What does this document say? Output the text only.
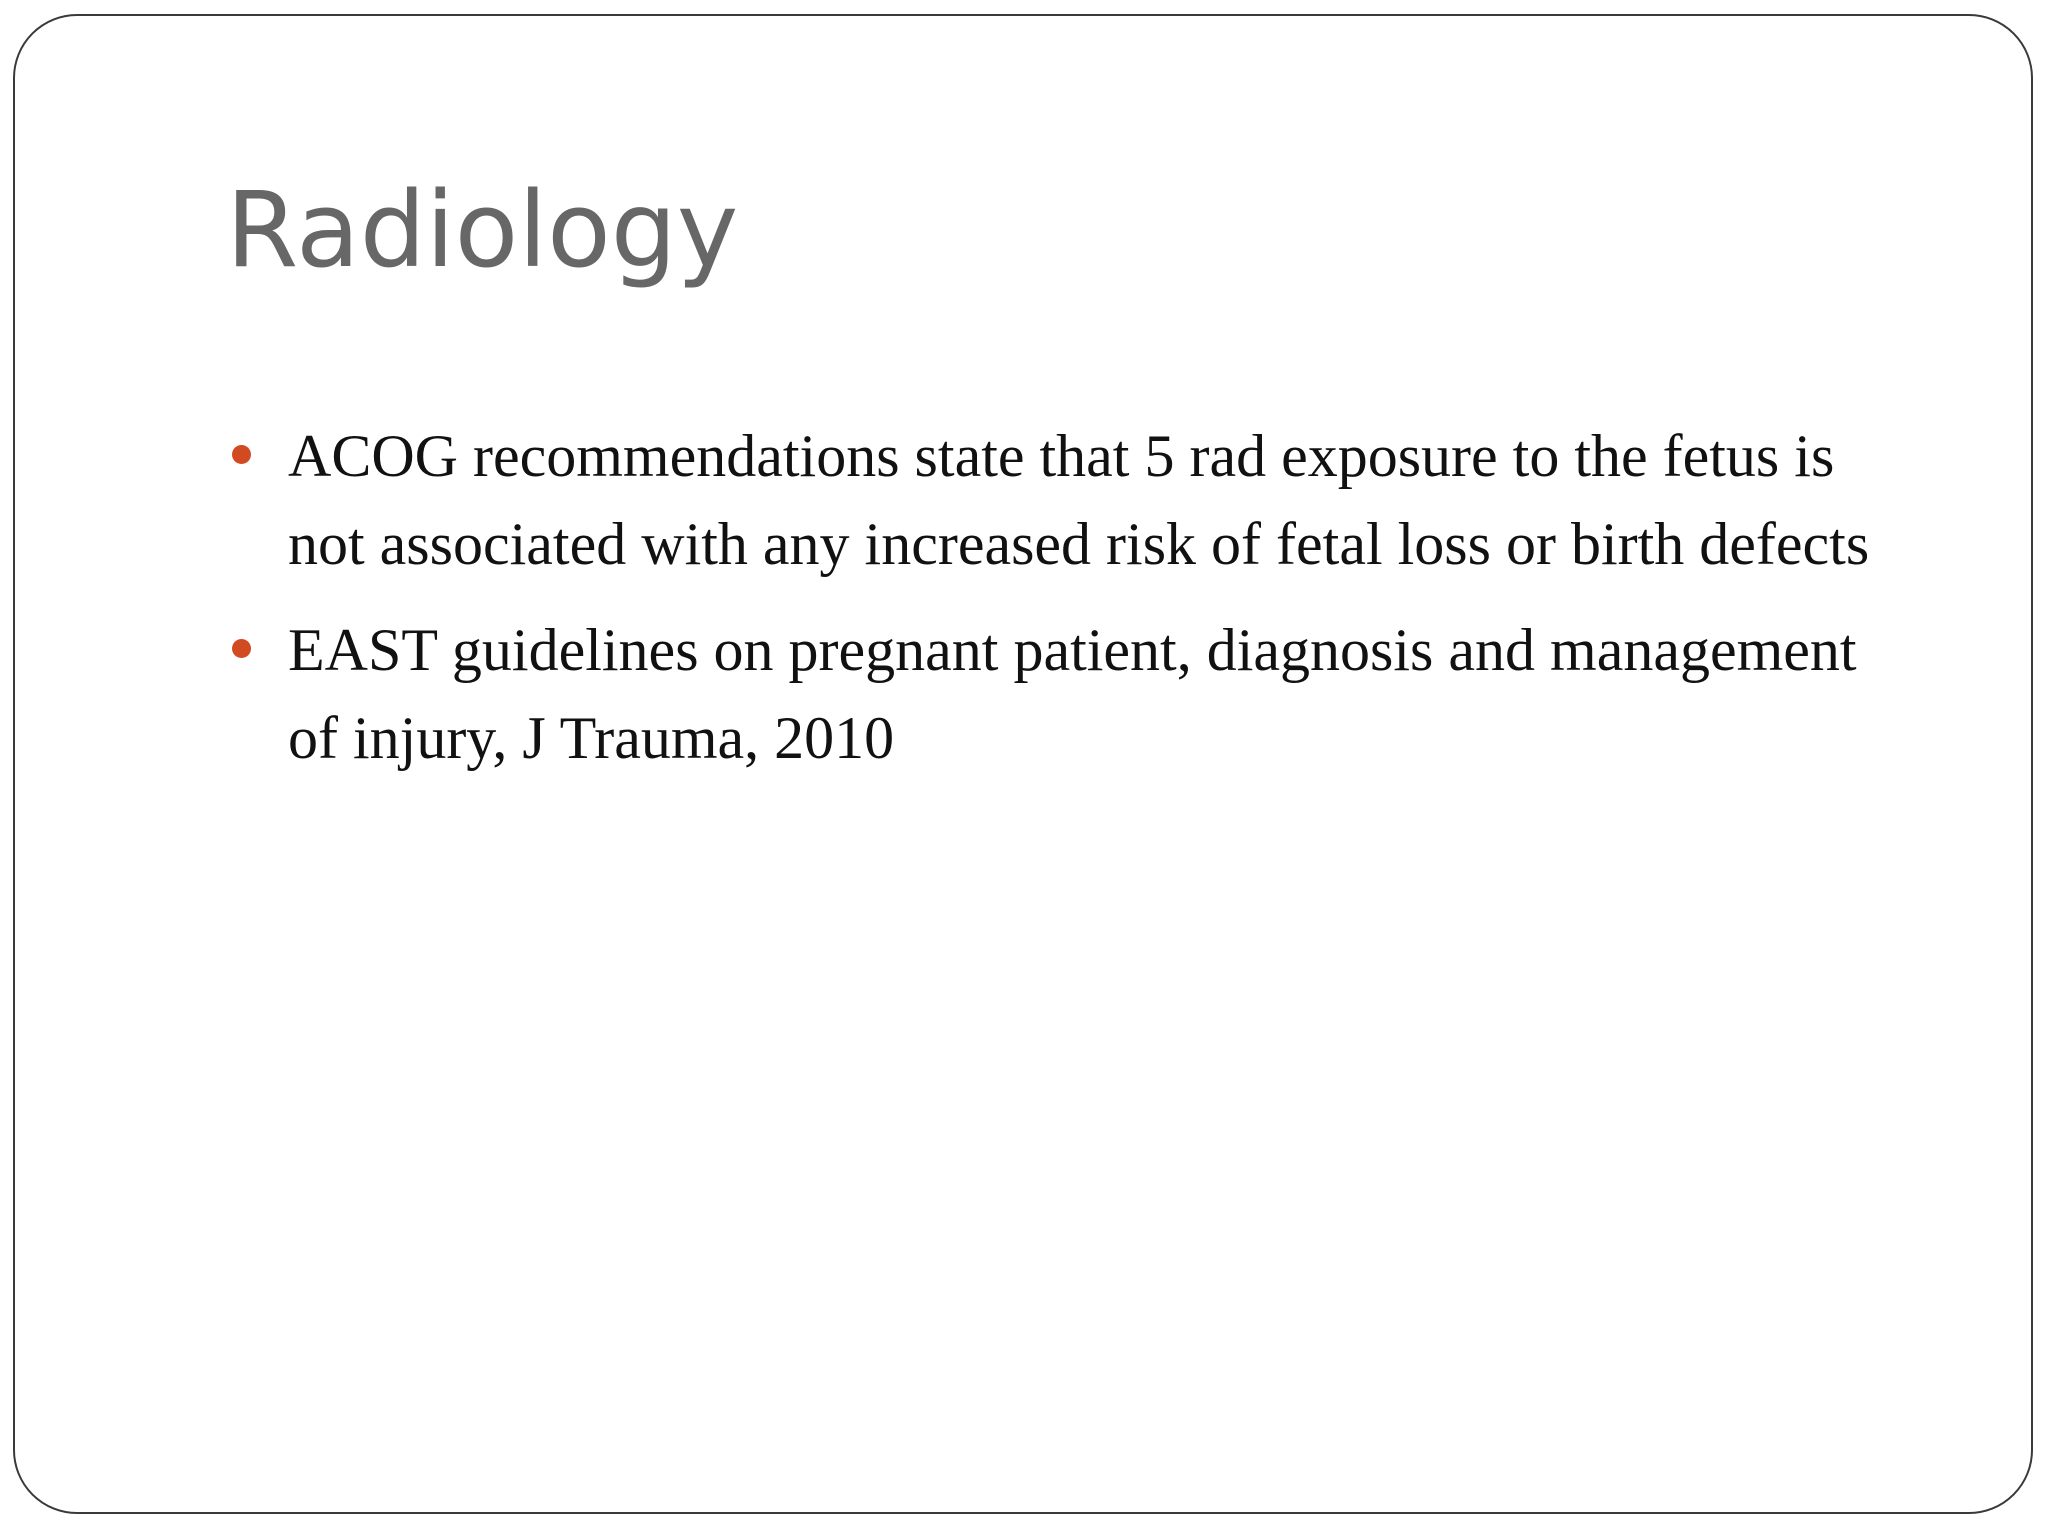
Radiology
ACOG recommendations state that 5 rad exposure to the fetus is not associated with any increased risk of fetal loss or birth defects
EAST guidelines on pregnant patient, diagnosis and management of injury, J Trauma, 2010
